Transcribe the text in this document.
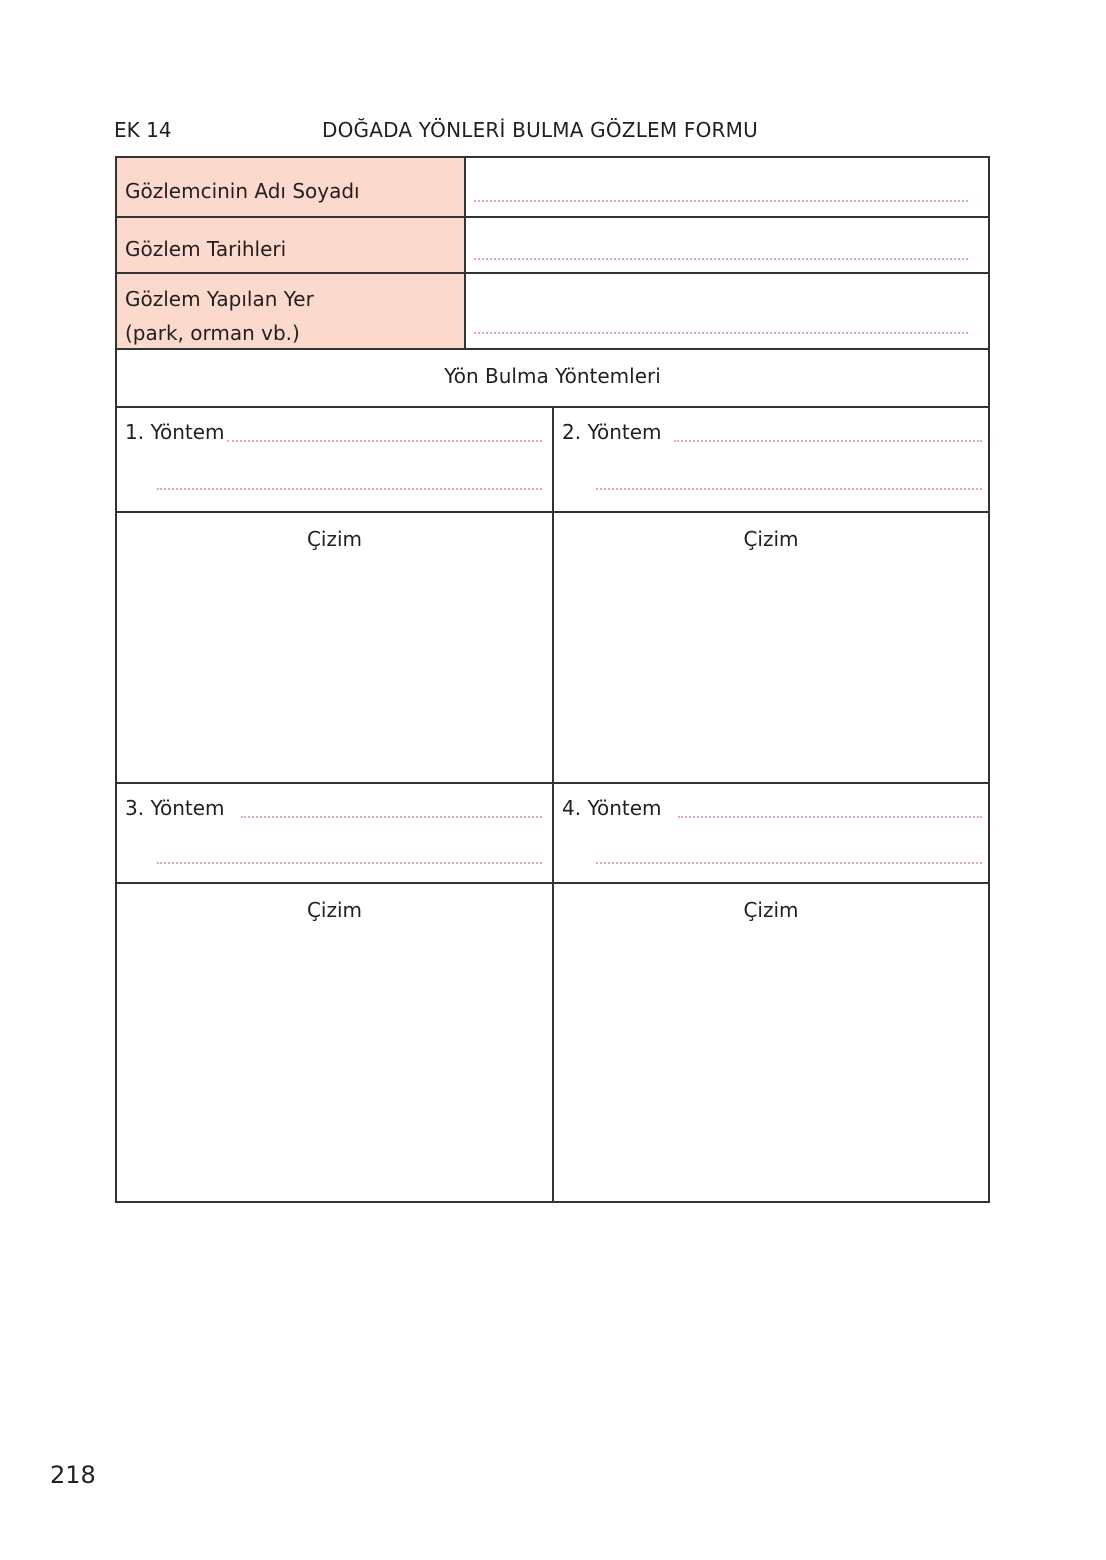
EK 14	DOĞADA YÖNLERİ BULMA GÖZLEM FORMU
Gözlemcinin Adı Soyadı
Gözlem Tarihleri
Gözlem Yapılan Yer
(park, orman vb.)
Yön Bulma Yöntemleri
1. Yöntem	2. Yöntem
Çizim	Çizim
3. Yöntem	4. Yöntem
Çizim	Çizim
218
